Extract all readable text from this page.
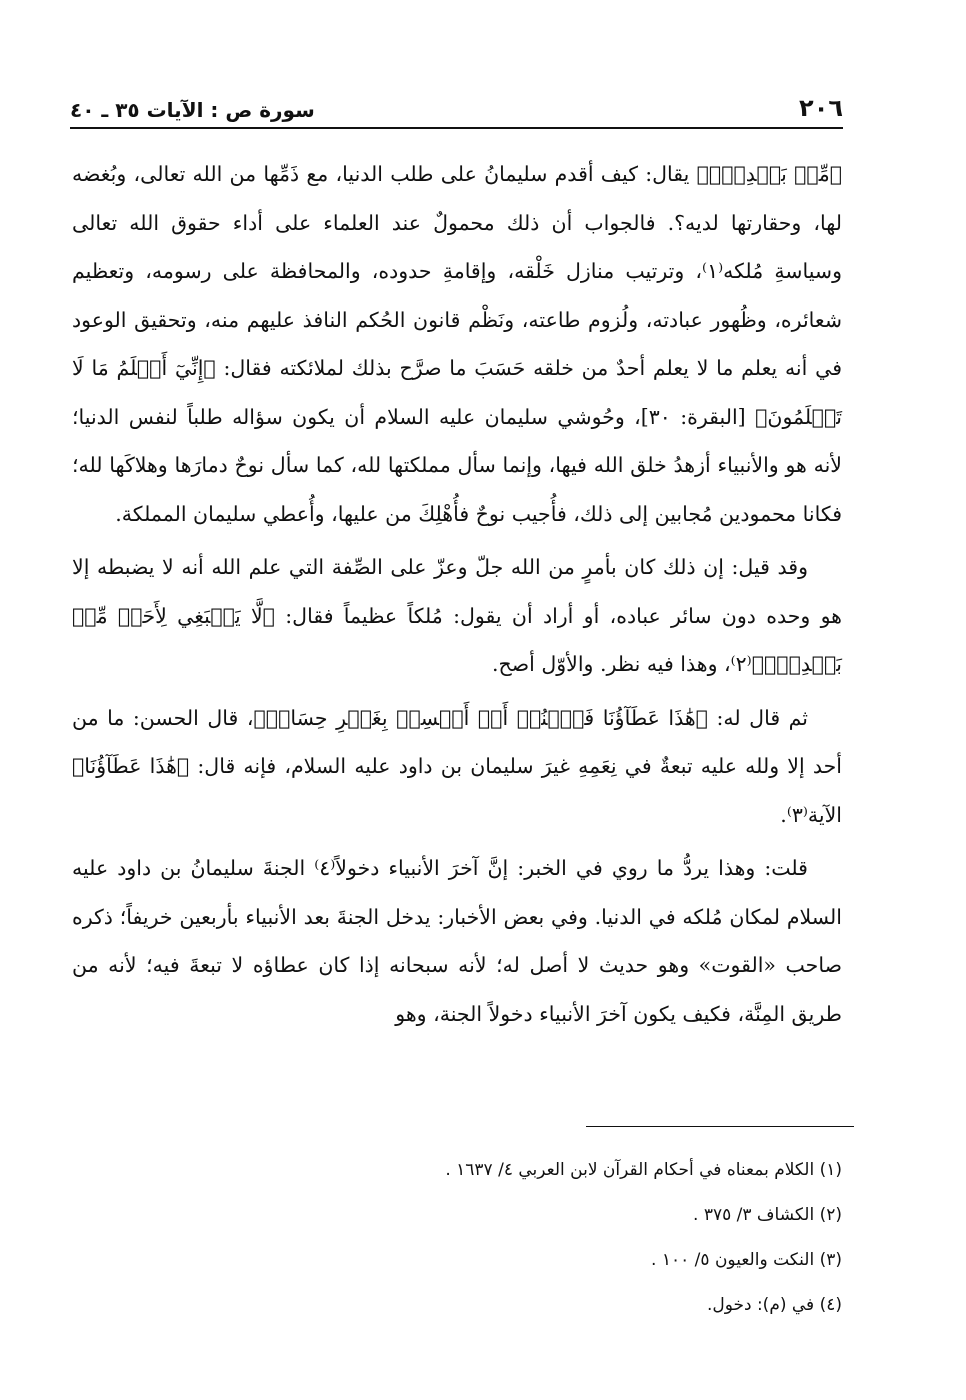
٢٠٦
سورة ص : الآيات ٣٥ ـ ٤٠

﴿مِّنۢ بَعۡدِيٓۖ﴾ يقال: كيف أقدم سليمانُ على طلب الدنيا، مع ذَمِّها من الله تعالى، وبُغضه لها، وحقارتها لديه؟. فالجواب أن ذلك محمولٌ عند العلماء على أداء حقوق الله تعالى وسياسةِ مُلكه⁽١⁾، وترتيب منازل خَلْقه، وإقامةِ حدوده، والمحافظة على رسومه، وتعظيم شعائره، وظُهور عبادته، ولُزوم طاعته، ونَظْم قانون الحُكم النافذ عليهم منه، وتحقيق الوعود في أنه يعلم ما لا يعلم أحدٌ من خلقه حَسَبَ ما صرَّح بذلك لملائكته فقال: ﴿إِنِّيٓ أَعۡلَمُ مَا لَا تَعۡلَمُونَ﴾ [البقرة: ٣٠]، وحُوشي سليمان عليه السلام أن يكون سؤاله طلباً لنفس الدنيا؛ لأنه هو والأنبياء أزهدُ خلق الله فيها، وإنما سأل مملكتها لله، كما سأل نوحٌ دمارَها وهلاكَها لله؛ فكانا محمودين مُجابين إلى ذلك، فأُجيب نوحٌ فأُهْلِكَ من عليها، وأُعطي سليمان المملكة.

وقد قيل: إن ذلك كان بأمرٍ من الله جلّ وعزّ على الصِّفة التي علم الله أنه لا يضبطه إلا هو وحده دون سائر عباده، أو أراد أن يقول: مُلكاً عظيماً فقال: ﴿لَّا يَنۢبَغِي لِأَحَدٖ مِّنۢ بَعۡدِيٓۖ﴾⁽٢⁾، وهذا فيه نظر. والأوّل أصح.

ثم قال له: ﴿هَٰذَا عَطَآؤُنَا فَٱمۡنُنۡ أَوۡ أَمۡسِكۡ بِغَيۡرِ حِسَابٖ﴾، قال الحسن: ما من أحد إلا ولله عليه تبعةٌ في نِعَمِهِ غيرَ سليمان بن داود عليه السلام، فإنه قال: ﴿هَٰذَا عَطَآؤُنَا﴾ الآية⁽٣⁾.

قلت: وهذا يردُّ ما روي في الخبر: إنَّ آخرَ الأنبياء دخولاً⁽٤⁾ الجنةَ سليمانُ بن داود عليه السلام لمكان مُلكه في الدنيا. وفي بعض الأخبار: يدخل الجنةَ بعد الأنبياء بأربعين خريفاً؛ ذكره صاحب «القوت» وهو حديث لا أصل له؛ لأنه سبحانه إذا كان عطاؤه لا تبعةَ فيه؛ لأنه من طريق المِنَّة، فكيف يكون آخرَ الأنبياء دخولاً الجنة، وهو

(١) الكلام بمعناه في أحكام القرآن لابن العربي ٤/ ١٦٣٧ .

(٢) الكشاف ٣/ ٣٧٥ .

(٣) النكت والعيون ٥/ ١٠٠ .

(٤) في (م): دخول.
